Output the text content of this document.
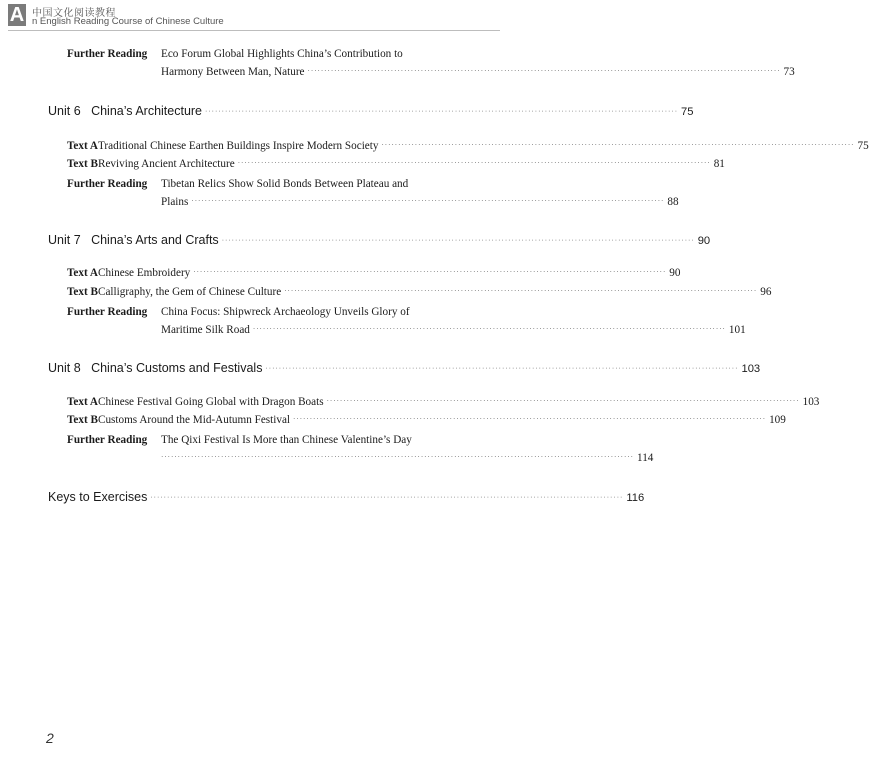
A 中国文化阅读教程
n English Reading Course of Chinese Culture
Further Reading	Eco Forum Global Highlights China’s Contribution to
Harmony Between Man, Nature ·············································································································································· 73
Unit 6   China’s Architecture ·············································································································································· 75
Text A Traditional Chinese Earthen Buildings Inspire Modern Society ·············································································································································· 75
Text B Reviving Ancient Architecture ·············································································································································· 81
Further Reading	Tibetan Relics Show Solid Bonds Between Plateau and
Plains ·············································································································································· 88
Unit 7   China’s Arts and Crafts ·············································································································································· 90
Text A Chinese Embroidery ·············································································································································· 90
Text B Calligraphy, the Gem of Chinese Culture ·············································································································································· 96
Further Reading	China Focus: Shipwreck Archaeology Unveils Glory of
Maritime Silk Road ·············································································································································· 101
Unit 8   China’s Customs and Festivals ·············································································································································· 103
Text A Chinese Festival Going Global with Dragon Boats ·············································································································································· 103
Text B Customs Around the Mid-Autumn Festival ·············································································································································· 109
Further Reading	The Qixi Festival Is More than Chinese Valentine’s Day
·············································································································································· 114
Keys to Exercises ·············································································································································· 116
2
